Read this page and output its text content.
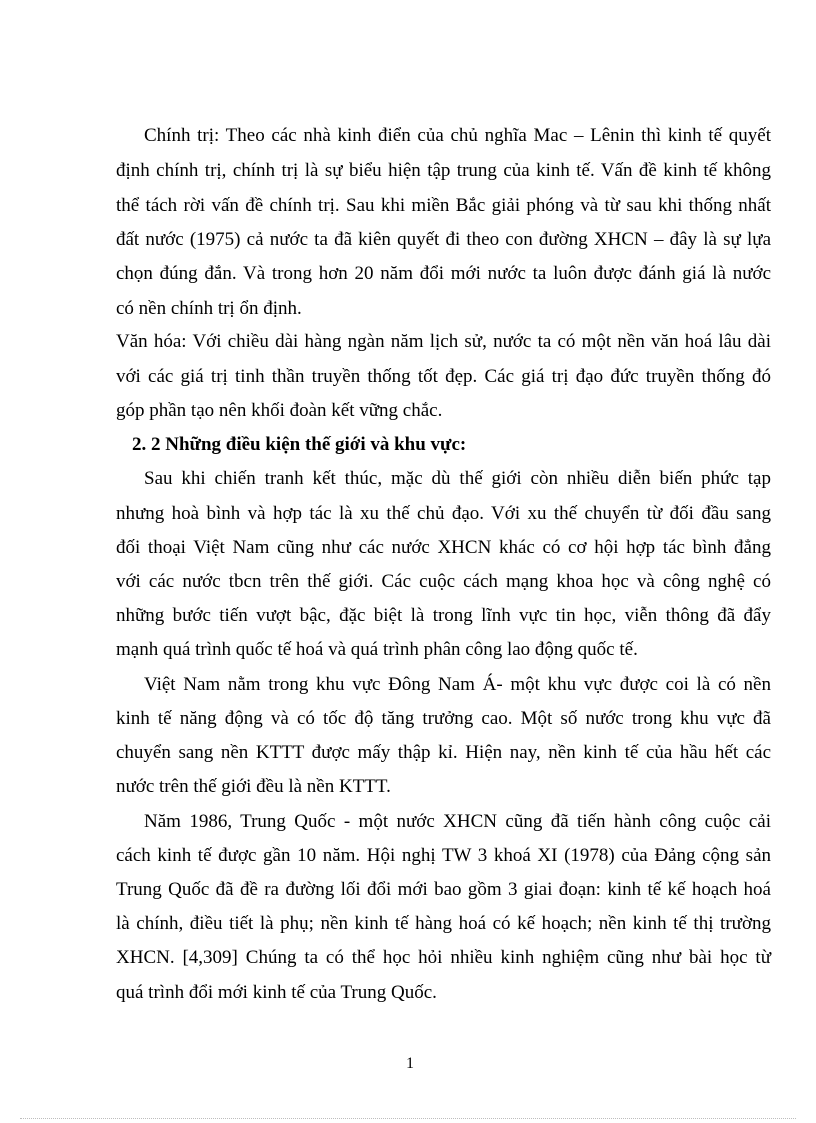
Chính trị: Theo các nhà kinh điển của chủ nghĩa Mac – Lênin thì kinh tế quyết
định chính trị, chính trị là sự biểu hiện tập trung của kinh tế. Vấn đề kinh tế không
thể tách rời vấn đề chính trị. Sau khi miền Bắc giải phóng và từ sau khi thống nhất
đất nước (1975) cả nước ta đã kiên quyết đi theo con đường XHCN – đây là sự lựa
chọn đúng đắn. Và trong hơn 20 năm đổi mới nước ta luôn được đánh giá là nước
có nền chính trị ổn định.
Văn hóa: Với chiều dài hàng ngàn năm lịch sử, nước ta có một nền văn hoá lâu dài
với các giá trị tinh thần truyền thống tốt đẹp. Các giá trị đạo đức truyền thống đó
góp phần tạo nên khối đoàn kết vững chắc.
2. 2 Những điều kiện thế giới và khu vực:
Sau khi chiến tranh kết thúc, mặc dù thế giới còn nhiều diễn biến phức tạp
nhưng hoà bình và hợp tác là xu thế chủ đạo. Với xu thế chuyển từ đối đầu sang
đối thoại Việt Nam cũng như các nước XHCN khác có cơ hội hợp tác bình đẳng
với các nước tbcn trên thế giới. Các cuộc cách mạng khoa học và công nghệ có
những bước tiến vượt bậc, đặc biệt là trong lĩnh vực tin học, viễn thông đã đẩy
mạnh quá trình quốc tế hoá và quá trình phân công lao động quốc tế.
Việt Nam nằm trong khu vực Đông Nam Á- một khu vực được coi là có nền
kinh tế năng động và có tốc độ tăng trưởng cao. Một số nước trong khu vực đã
chuyển sang nền KTTT được mấy thập kỉ. Hiện nay, nền kinh tế của hầu hết các
nước trên thế giới đều là nền KTTT.
Năm 1986, Trung Quốc - một nước XHCN cũng đã tiến hành công cuộc cải
cách kinh tế được gần 10 năm. Hội nghị TW 3 khoá XI (1978) của Đảng cộng sản
Trung Quốc đã đề ra đường lối đổi mới bao gồm 3 giai đoạn: kinh tế kế hoạch hoá
là chính, điều tiết là phụ; nền kinh tế hàng hoá có kế hoạch; nền kinh tế thị trường
XHCN. [4,309] Chúng ta có thể học hỏi nhiều kinh nghiệm cũng như bài học từ
quá trình đổi mới kinh tế của Trung Quốc.
1
